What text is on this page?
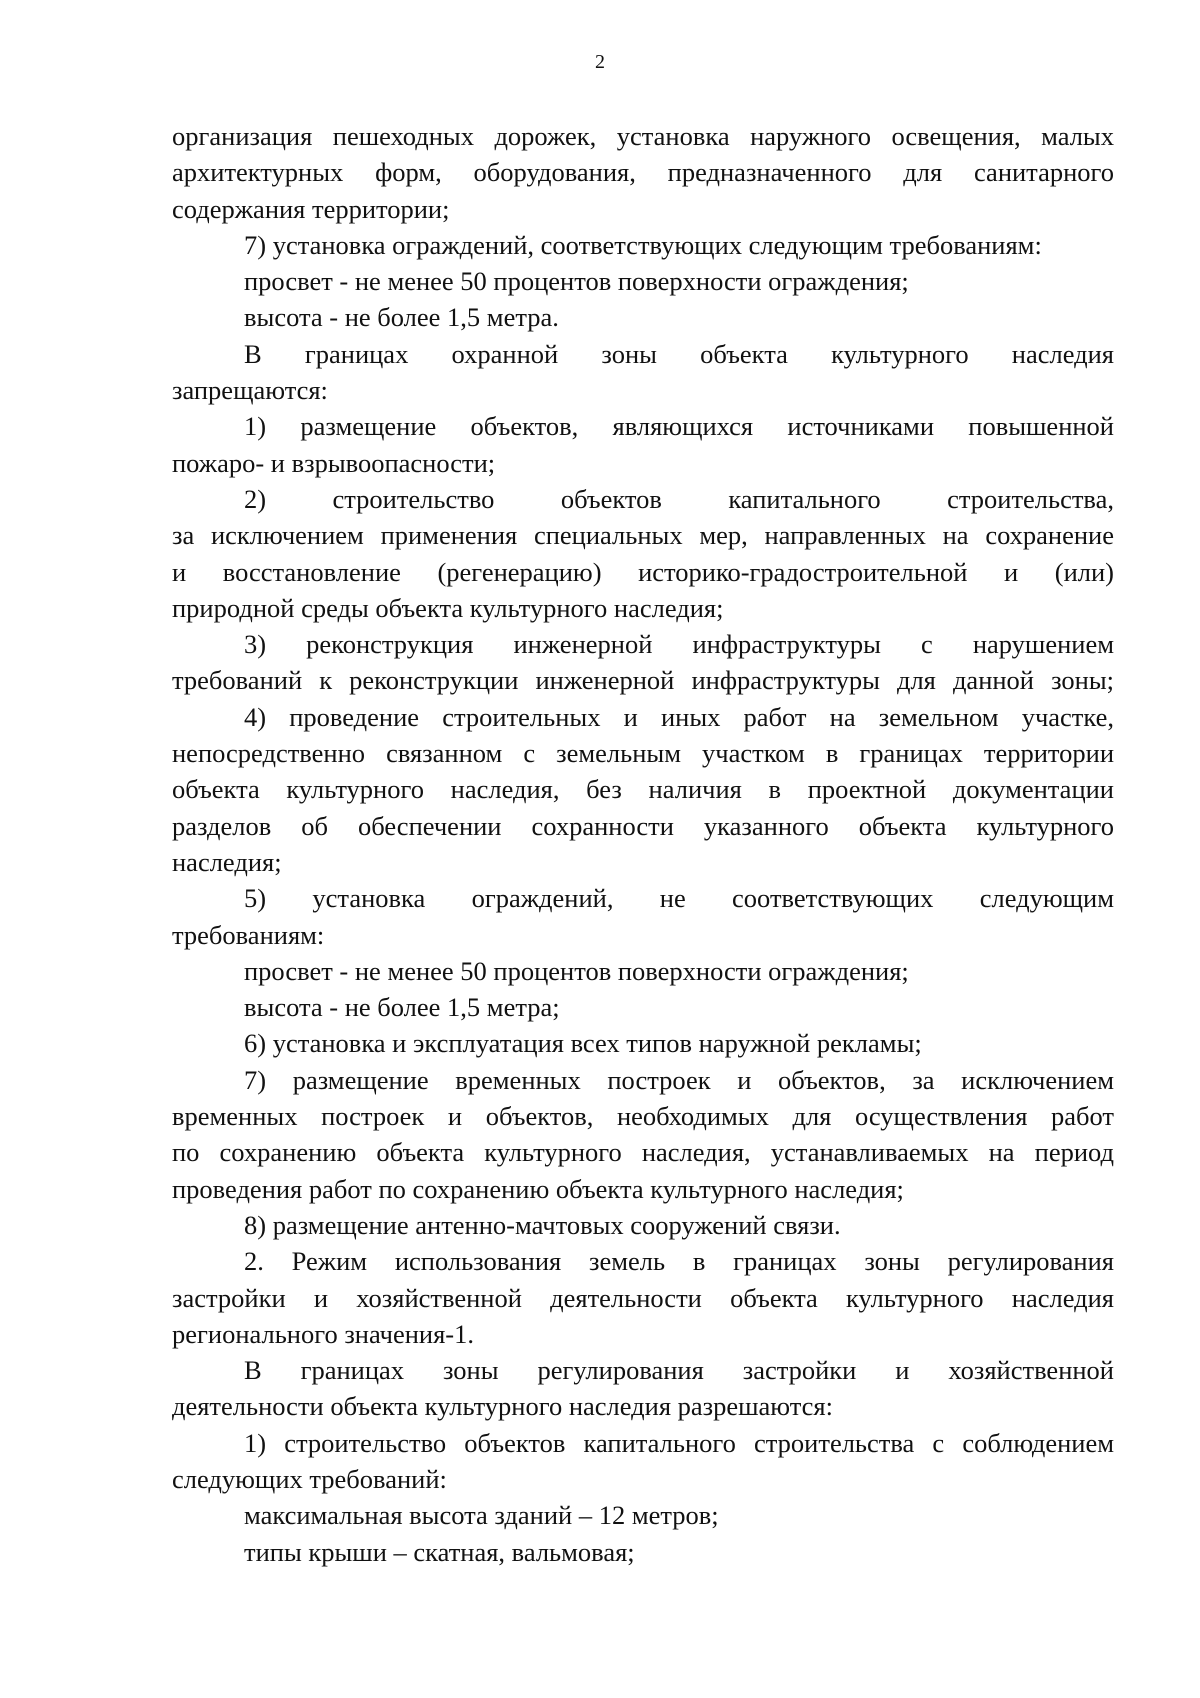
2
организация пешеходных дорожек, установка наружного освещения, малых
архитектурных форм, оборудования, предназначенного для санитарного
содержания территории;
7) установка ограждений, соответствующих следующим требованиям:
просвет - не менее 50 процентов поверхности ограждения;
высота - не более 1,5 метра.
В границах охранной зоны объекта культурного наследия
запрещаются:
1) размещение объектов, являющихся источниками повышенной
пожаро- и взрывоопасности;
2) строительство объектов капитального строительства,
за исключением применения специальных мер, направленных на сохранение
и восстановление (регенерацию) историко-градостроительной и (или)
природной среды объекта культурного наследия;
3) реконструкция инженерной инфраструктуры с нарушением
требований к реконструкции инженерной инфраструктуры для данной зоны;
4) проведение строительных и иных работ на земельном участке,
непосредственно связанном с земельным участком в границах территории
объекта культурного наследия, без наличия в проектной документации
разделов об обеспечении сохранности указанного объекта культурного
наследия;
5) установка ограждений, не соответствующих следующим
требованиям:
просвет - не менее 50 процентов поверхности ограждения;
высота - не более 1,5 метра;
6) установка и эксплуатация всех типов наружной рекламы;
7) размещение временных построек и объектов, за исключением
временных построек и объектов, необходимых для осуществления работ
по сохранению объекта культурного наследия, устанавливаемых на период
проведения работ по сохранению объекта культурного наследия;
8) размещение антенно-мачтовых сооружений связи.
2. Режим использования земель в границах зоны регулирования
застройки и хозяйственной деятельности объекта культурного наследия
регионального значения-1.
В границах зоны регулирования застройки и хозяйственной
деятельности объекта культурного наследия разрешаются:
1) строительство объектов капитального строительства с соблюдением
следующих требований:
максимальная высота зданий – 12 метров;
типы крыши – скатная, вальмовая;
